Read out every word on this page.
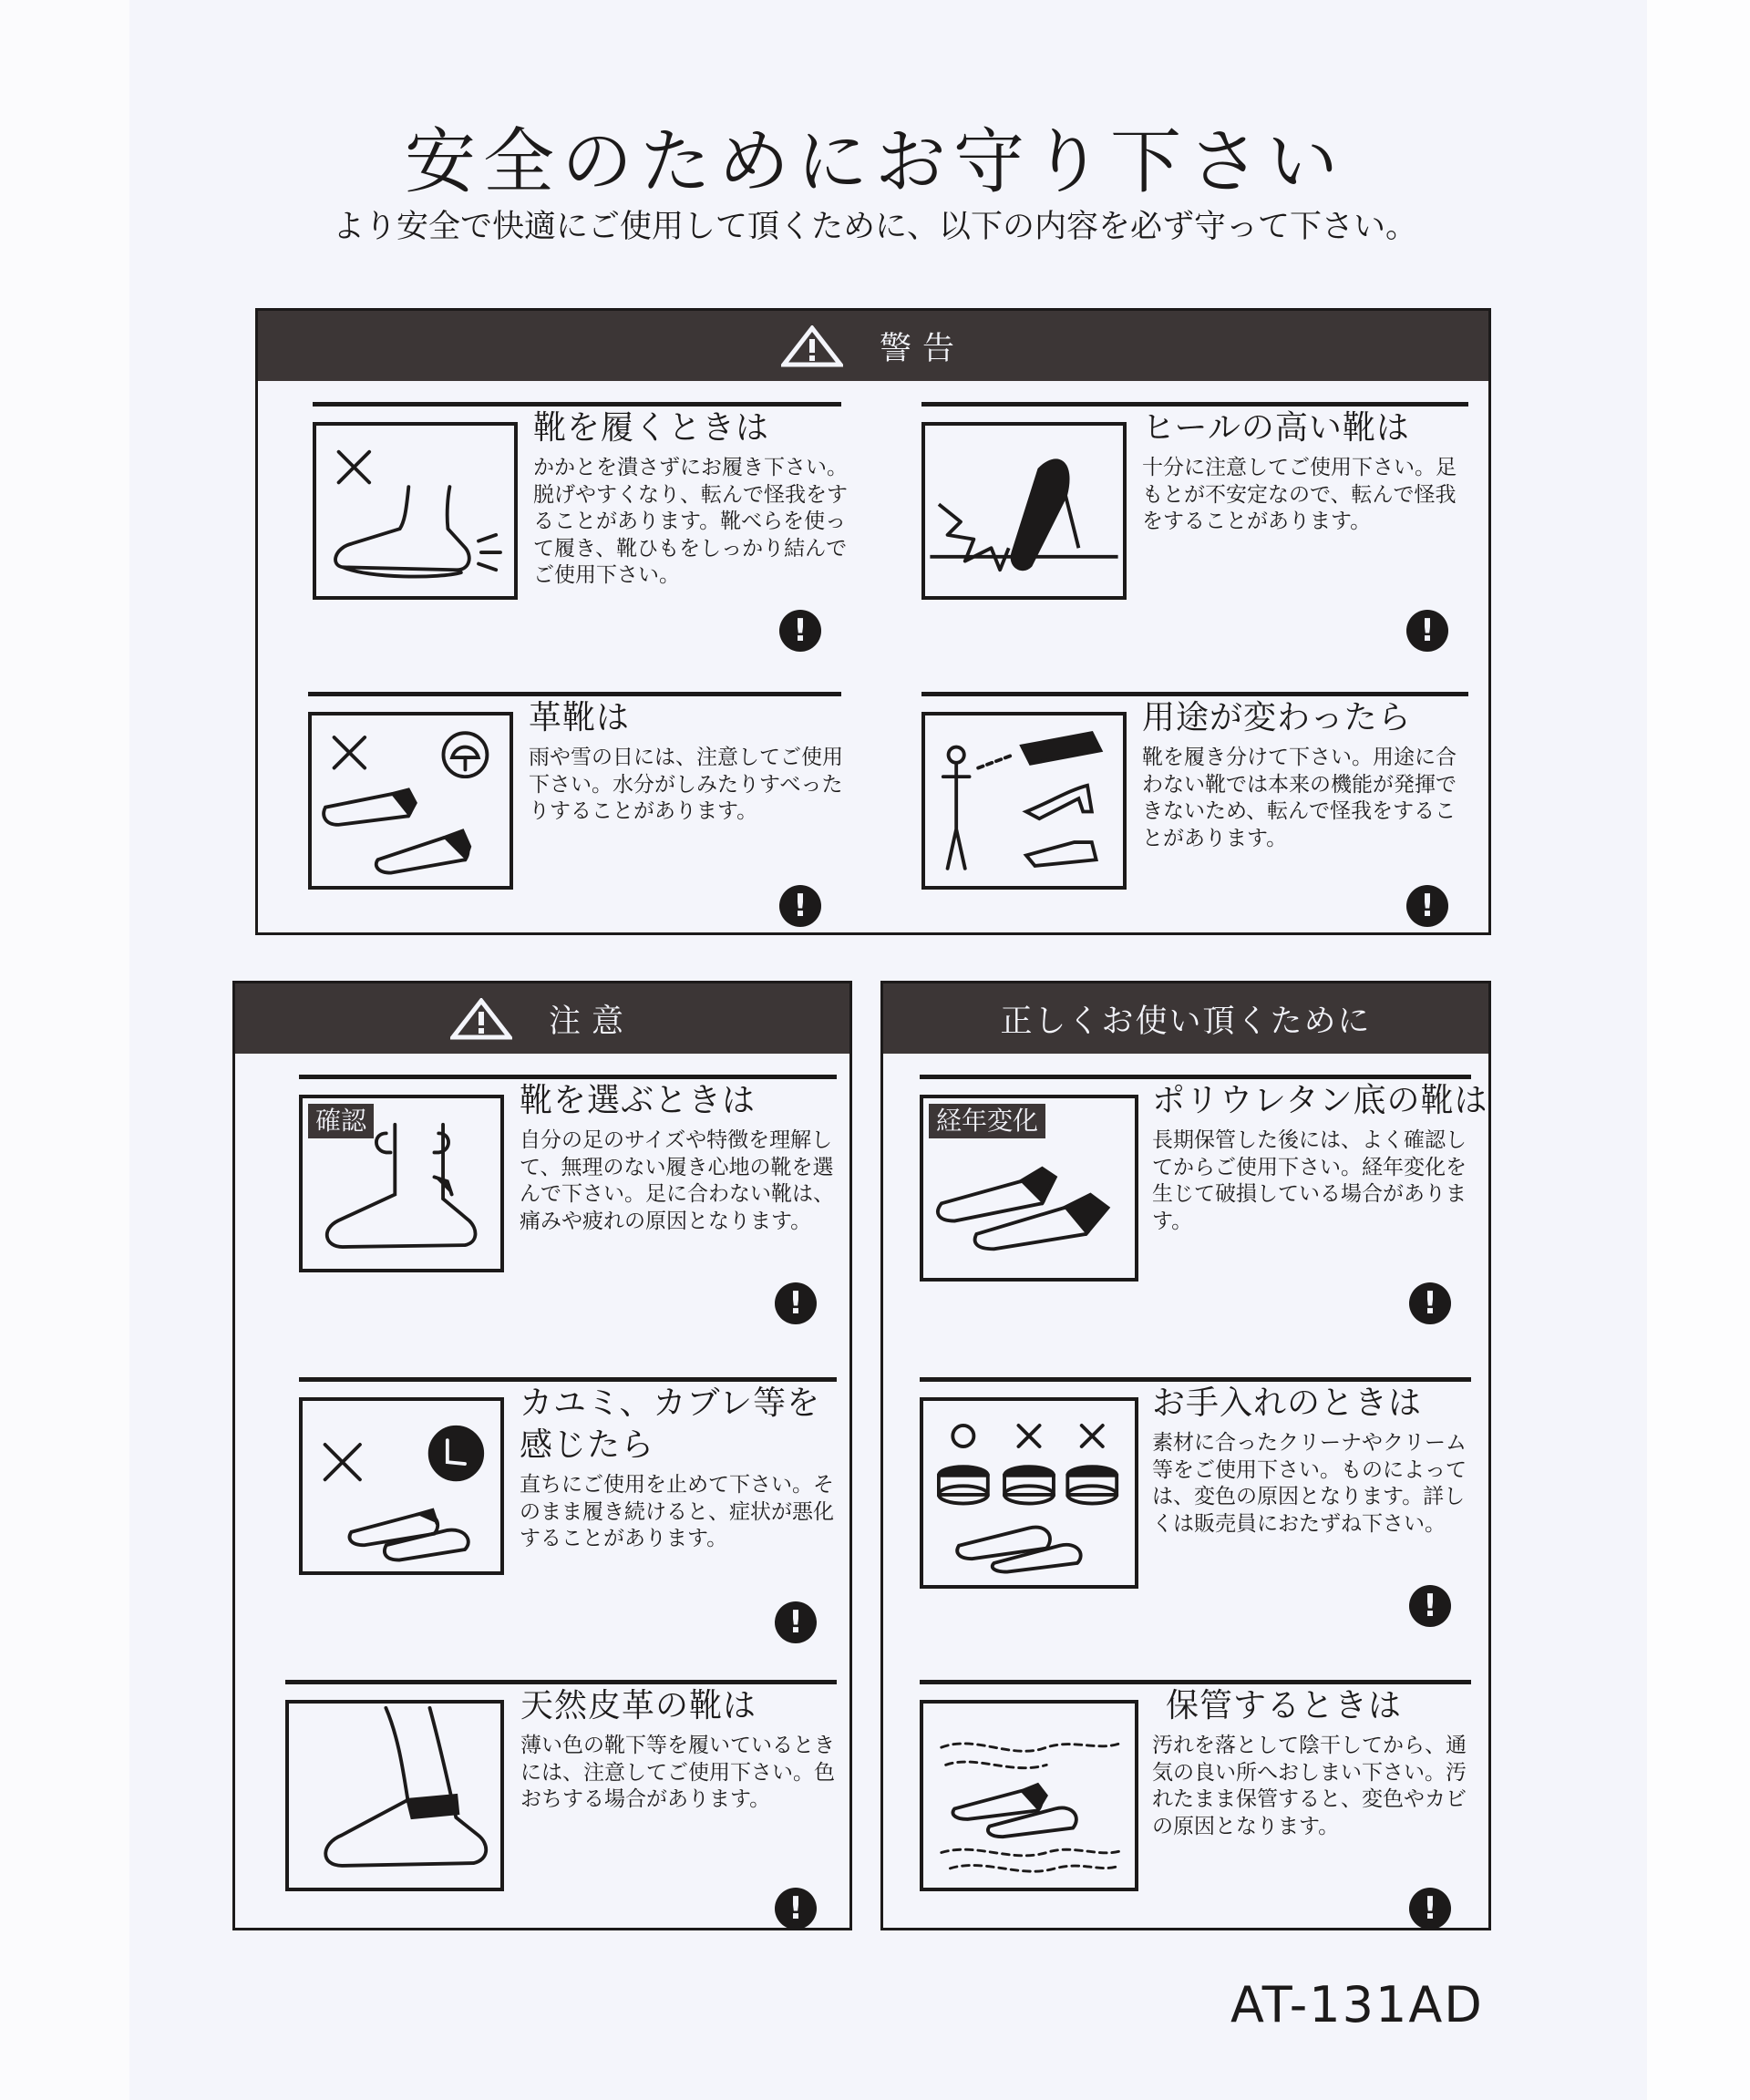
安全のためにお守り下さい

より安全で快適にご使用して頂くために、以下の内容を必ず守って下さい。

警告
靴を履くときは

かかとを潰さずにお履き下さい。脱げやすくなり、転んで怪我をすることがあります。靴べらを使って履き、靴ひもをしっかり結んでご使用下さい。

!
ヒールの高い靴は

十分に注意してご使用下さい。足もとが不安定なので、転んで怪我をすることがあります。

!
革靴は

雨や雪の日には、注意してご使用下さい。水分がしみたりすべったりすることがあります。

!
用途が変わったら

靴を履き分けて下さい。用途に合わない靴では本来の機能が発揮できないため、転んで怪我をすることがあります。

!
注意
確認
靴を選ぶときは

自分の足のサイズや特徴を理解して、無理のない履き心地の靴を選んで下さい。足に合わない靴は、痛みや疲れの原因となります。

!
カユミ、カブレ等を感じたら

直ちにご使用を止めて下さい。そのまま履き続けると、症状が悪化することがあります。

!
天然皮革の靴は

薄い色の靴下等を履いているときには、注意してご使用下さい。色おちする場合があります。

!
正しくお使い頂くために
経年変化
ポリウレタン底の靴は

長期保管した後には、よく確認してからご使用下さい。経年変化を生じて破損している場合があります。

!
お手入れのときは

素材に合ったクリーナやクリーム等をご使用下さい。ものによっては、変色の原因となります。詳しくは販売員におたずね下さい。

!
保管するときは

汚れを落として陰干してから、通気の良い所へおしまい下さい。汚れたまま保管すると、変色やカビの原因となります。

!
AT-131AD
